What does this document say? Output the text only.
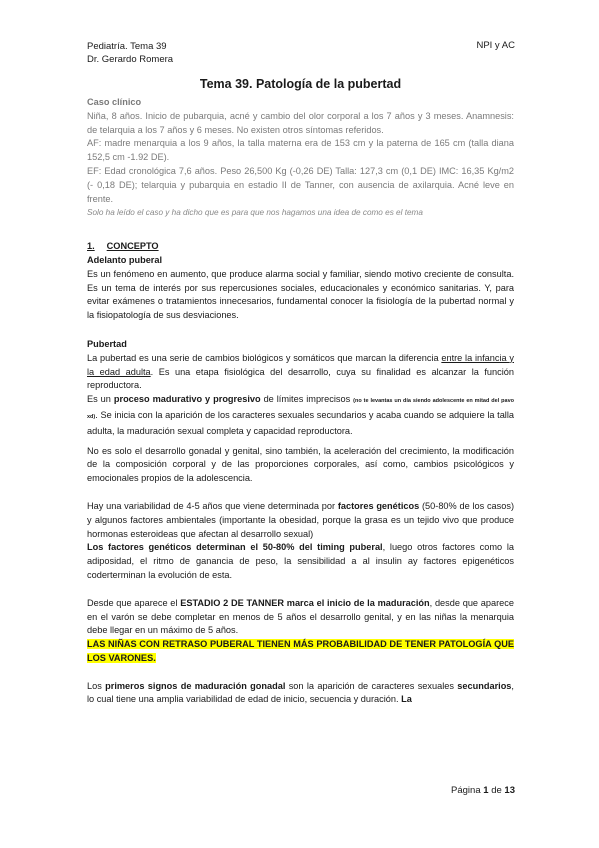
Pediatría. Tema 39
Dr. Gerardo Romera
NPI y AC
Tema 39. Patología de la pubertad
Caso clínico

Niña, 8 años. Inicio de pubarquia, acné y cambio del olor corporal a los 7 años y 3 meses. Anamnesis: de telarquia a los 7 años y 6 meses. No existen otros síntomas referidos.

AF: madre menarquia a los 9 años, la talla materna era de 153 cm y la paterna de 165 cm (talla diana 152,5 cm -1.92 DE).

EF: Edad cronológica 7,6 años. Peso 26,500 Kg (-0,26 DE) Talla: 127,3 cm (0,1 DE) IMC: 16,35 Kg/m2 (- 0,18 DE); telarquia y pubarquia en estadio II de Tanner, con ausencia de axilarquia. Acné leve en frente.

Solo ha leído el caso y ha dicho que es para que nos hagamos una idea de como es el tema

1. CONCEPTO
Adelanto puberal

Es un fenómeno en aumento, que produce alarma social y familiar, siendo motivo creciente de consulta. Es un tema de interés por sus repercusiones sociales, educacionales y económico sanitarias. Y, para evitar exámenes o tratamientos innecesarios, fundamental conocer la fisiología de la pubertad normal y la fisiopatología de sus desviaciones.

Pubertad

La pubertad es una serie de cambios biológicos y somáticos que marcan la diferencia entre la infancia y la edad adulta. Es una etapa fisiológica del desarrollo, cuya su finalidad es alcanzar la función reproductora.

Es un proceso madurativo y progresivo de límites imprecisos (no te levantas un día siendo adolescente en mitad del pavo xd). Se inicia con la aparición de los caracteres sexuales secundarios y acaba cuando se adquiere la talla adulta, la maduración sexual completa y capacidad reproductora.

No es solo el desarrollo gonadal y genital, sino también, la aceleración del crecimiento, la modificación de la composición corporal y de las proporciones corporales, así como, cambios psicológicos y emocionales propios de la adolescencia.

Hay una variabilidad de 4-5 años que viene determinada por factores genéticos (50-80% de los casos) y algunos factores ambientales (importante la obesidad, porque la grasa es un tejido vivo que produce hormonas esteroideas que afectan al desarrollo sexual)

Los factores genéticos determinan el 50-80% del timing puberal, luego otros factores como la adiposidad, el ritmo de ganancia de peso, la sensibilidad a al insulin ay factores epigenéticos coderterminan la evolución de esta.

Desde que aparece el ESTADIO 2 DE TANNER marca el inicio de la maduración, desde que aparece en el varón se debe completar en menos de 5 años el desarrollo genital, y en las niñas la menarquia debe llegar en un máximo de 5 años.

LAS NIÑAS CON RETRASO PUBERAL TIENEN MÁS PROBABILIDAD DE TENER PATOLOGÍA QUE LOS VARONES.

Los primeros signos de maduración gonadal son la aparición de caracteres sexuales secundarios, lo cual tiene una amplia variabilidad de edad de inicio, secuencia y duración. La

Página 1 de 13
